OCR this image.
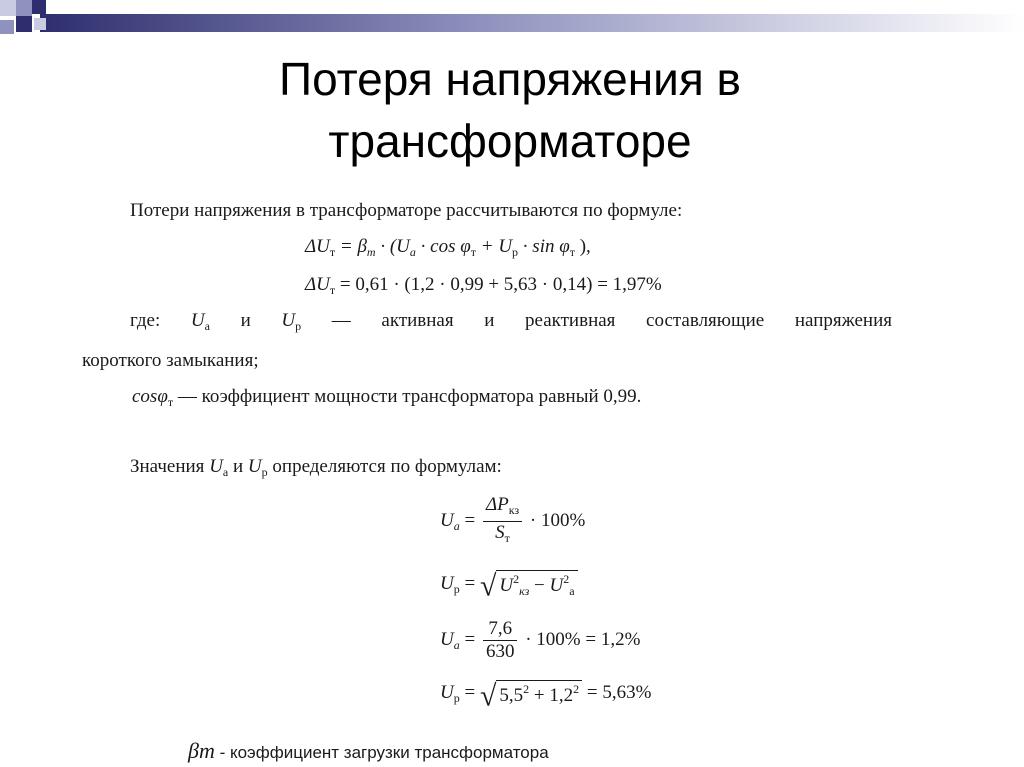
Потеря напряжения в трансформаторе
Потери напряжения в трансформаторе рассчитываются по формуле:
$\Delta U_т = \beta_т \cdot (U_а \cdot \cos \varphi_т + U_р \cdot \sin \varphi_т$ ),
$\Delta U_т = 0,61 \cdot (1,2 \cdot 0,99 + 5,63 \cdot 0,14) = 1,97\%$
где: $U_а$ и $U_р$ — активная и реактивная составляющие напряжения
короткого замыкания;
cosφ$_т$ — коэффициент мощности трансформатора равный 0,99.
Значения $U_а$ и $U_р$ определяются по формулам:
$U_a = \frac{\Delta P_{кз}}{S_т} \cdot 100\%$
$U_р$ = √ $U^2_{кз} - U^2_а$
$U_а = \frac{7,6}{630} \cdot 100\% = 1,2\%$
$U_р$ = √ $5,5^2 + 1,2^2 = 5,63\%$
βт - коэффициент загрузки трансформатора
